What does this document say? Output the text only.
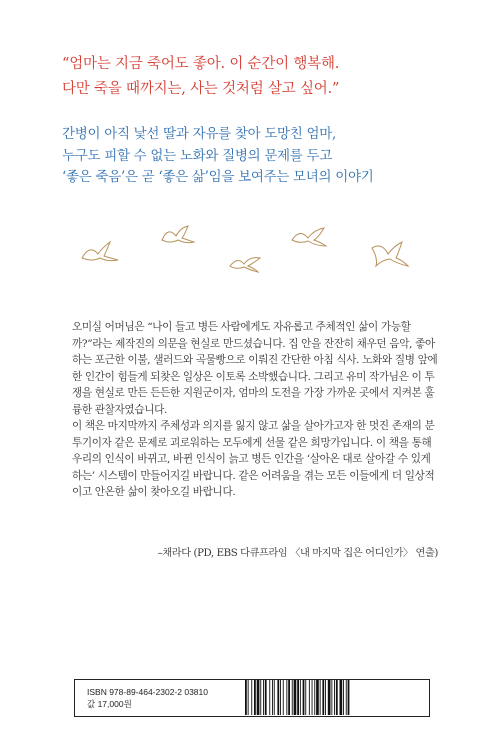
“엄마는 지금 죽어도 좋아. 이 순간이 행복해.
다만 죽을 때까지는, 사는 것처럼 살고 싶어.”
간병이 아직 낯선 딸과 자유를 찾아 도망친 엄마,
누구도 피할 수 없는 노화와 질병의 문제를 두고
‘좋은 죽음’은 곧 ‘좋은 삶’임을 보여주는 모녀의 이야기

오미실 어머님은 “나이 들고 병든 사람에게도 자유롭고 주체적인 삶이 가능할까?”라는 제작진의 의문을 현실로 만드셨습니다. 집 안을 잔잔히 채우던 음악, 좋아하는 포근한 이불, 샐러드와 곡물빵으로 이뤄진 간단한 아침 식사. 노화와 질병 앞에 한 인간이 힘들게 되찾은 일상은 이토록 소박했습니다. 그리고 유미 작가님은 이 투쟁을 현실로 만든 든든한 지원군이자, 엄마의 도전을 가장 가까운 곳에서 지켜본 훌륭한 관찰자였습니다.

이 책은 마지막까지 주체성과 의지를 잃지 않고 삶을 살아가고자 한 멋진 존재의 분투기이자 같은 문제로 괴로워하는 모두에게 선물 같은 희망가입니다. 이 책을 통해 우리의 인식이 바뀌고, 바뀐 인식이 늙고 병든 인간을 ‘살아온 대로 살아갈 수 있게 하는’ 시스템이 만들어지길 바랍니다. 같은 어려움을 겪는 모든 이들에게 더 일상적이고 안온한 삶이 찾아오길 바랍니다.

–채라다 (PD, EBS 다큐프라임 〈내 마지막 집은 어디인가〉 연출)
ISBN 978-89-464-2302-2 03810
값 17,000원
